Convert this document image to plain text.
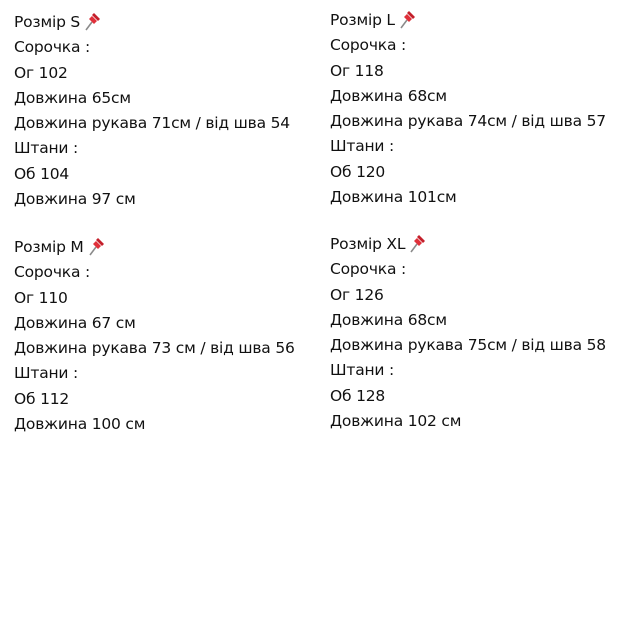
Розмір S
Сорочка :
Ог 102
Довжина 65см
Довжина рукава 71см / від шва 54
Штани :
Об 104
Довжина 97 см
Розмір М
Сорочка :
Ог 110
Довжина 67 см
Довжина рукава 73 см / від шва 56
Штани :
Об 112
Довжина 100 см
Розмір L
Сорочка :
Ог 118
Довжина 68см
Довжина рукава 74см / від шва 57
Штани :
Об 120
Довжина 101см
Розмір XL
Сорочка :
Ог 126
Довжина 68см
Довжина рукава 75см / від шва 58
Штани :
Об 128
Довжина 102 см
